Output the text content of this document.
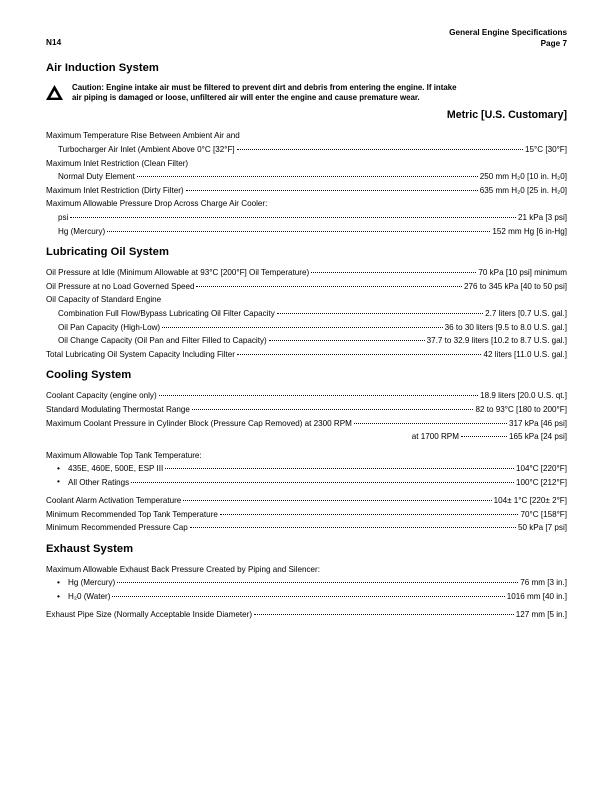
N14
General Engine Specifications
Page 7
Air Induction System
Caution: Engine intake air must be filtered to prevent dirt and debris from entering the engine. If intake
air piping is damaged or loose, unfiltered air will enter the engine and cause premature wear.
Metric [U.S. Customary]
Maximum Temperature Rise Between Ambient Air and
Turbocharger Air Inlet (Ambient Above 0°C [32°F]	15°C [30°F]
Maximum Inlet Restriction (Clean Filter)
Normal Duty Element	250 mm H₂0 [10 in. H₂0]
Maximum Inlet Restriction (Dirty Filter)	635 mm H₂0 [25 in. H₂0]
Maximum Allowable Pressure Drop Across Charge Air Cooler:
psi	21 kPa [3 psi]
Hg (Mercury)	152 mm Hg [6 in-Hg]
Lubricating Oil System
Oil Pressure at Idle (Minimum Allowable at 93°C [200°F] Oil Temperature)	70 kPa [10 psi] minimum
Oil Pressure at no Load Governed Speed	276 to 345 kPa [40 to 50 psi]
Oil Capacity of Standard Engine
Combination Full Flow/Bypass Lubricating Oil Filter Capacity	2.7 liters [0.7 U.S. gal.]
Oil Pan Capacity (High-Low)	36 to 30 liters [9.5 to 8.0 U.S. gal.]
Oil Change Capacity (Oil Pan and Filter Filled to Capacity)	37.7 to 32.9 liters [10.2 to 8.7 U.S. gal.]
Total Lubricating Oil System Capacity Including Filter	42 liters [11.0 U.S. gal.]
Cooling System
Coolant Capacity (engine only)	18.9 liters [20.0 U.S. qt.]
Standard Modulating Thermostat Range	82 to 93°C [180 to 200°F]
Maximum Coolant Pressure in Cylinder Block (Pressure Cap Removed) at 2300 RPM	317 kPa [46 psi]
at 1700 RPM	165 kPa [24 psi]
Maximum Allowable Top Tank Temperature:
• 435E, 460E, 500E, ESP III	104°C [220°F]
• All Other Ratings	100°C [212°F]
Coolant Alarm Activation Temperature	104± 1°C [220± 2°F]
Minimum Recommended Top Tank Temperature	70°C [158°F]
Minimum Recommended Pressure Cap	50 kPa [7 psi]
Exhaust System
Maximum Allowable Exhaust Back Pressure Created by Piping and Silencer:
• Hg (Mercury)	76 mm [3 in.]
• H₂0 (Water)	1016 mm [40 in.]
Exhaust Pipe Size (Normally Acceptable Inside Diameter)	127 mm [5 in.]
